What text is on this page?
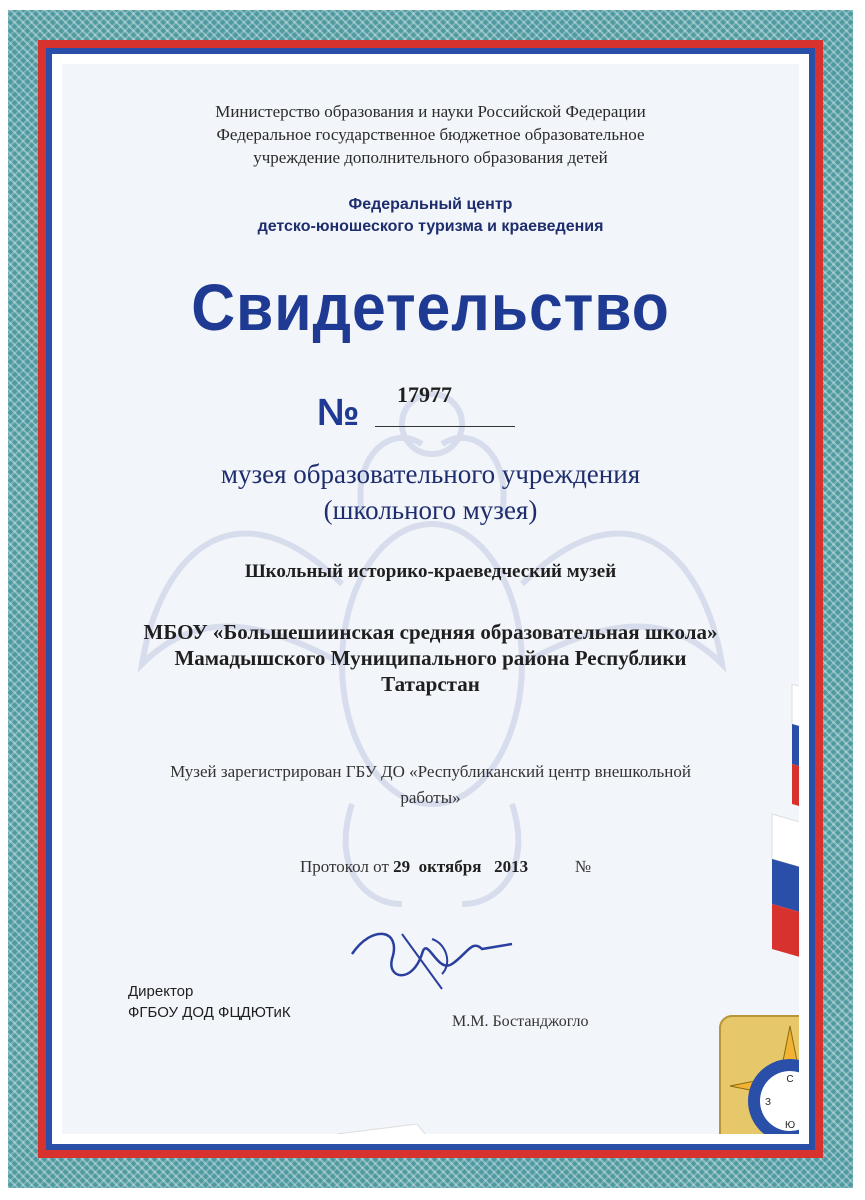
Министерство образования и науки Российской Федерации
Федеральное государственное бюджетное образовательное
учреждение дополнительного образования детей
Федеральный центр
детско-юношеского туризма и краеведения
Свидетельство
№ 17977
музея образовательного учреждения
(школьного музея)
Школьный историко-краеведческий музей
МБОУ «Большешиинская средняя образовательная школа»
Мамадышского Муниципального района Республики
Татарстан
Музей зарегистрирован ГБУ ДО «Республиканский центр внешкольной
работы»
Протокол от 29 октября 2013	№
Директор
ФГБОУ ДОД ФЦДЮТиК
М.М. Бостанджогло
С
Ю
З
